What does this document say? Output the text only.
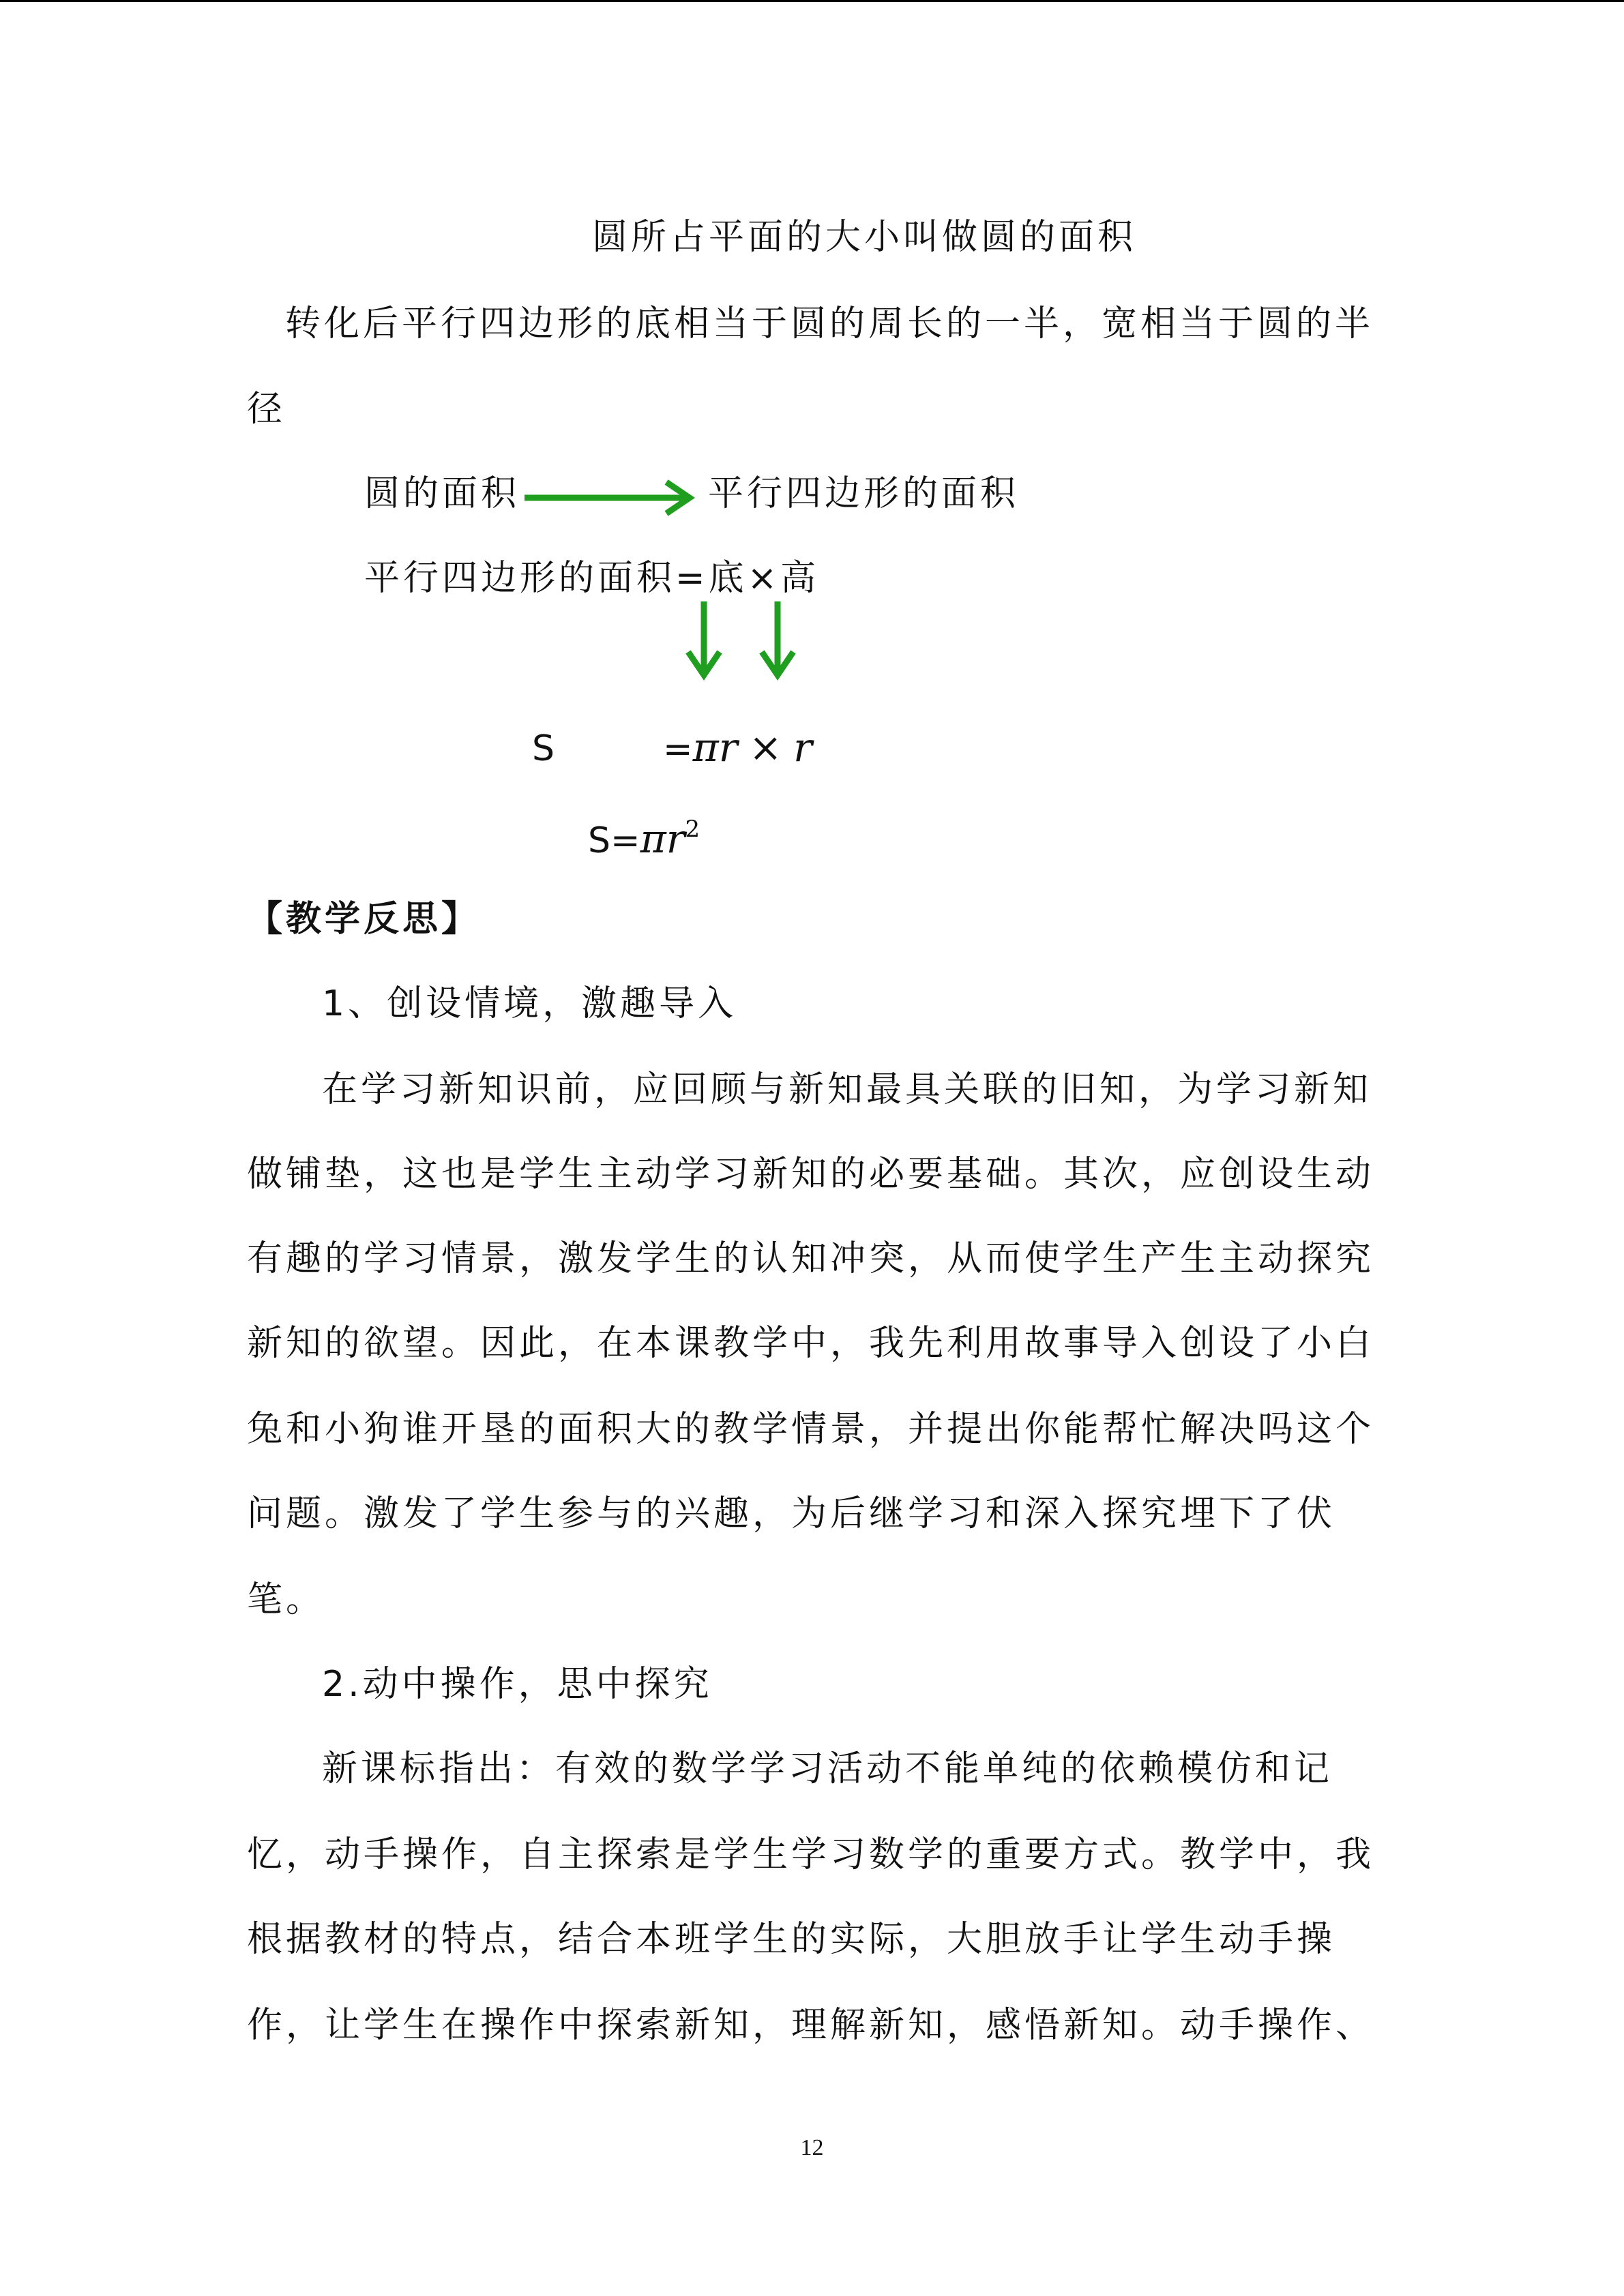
圆所占平面的大小叫做圆的面积
转化后平行四边形的底相当于圆的周长的一半，宽相当于圆的半
径
圆的面积	平行四边形的面积
平行四边形的面积=底×高
S	=πr × r
$S=\pi r^2$
【教学反思】
1、创设情境，激趣导入
在学习新知识前，应回顾与新知最具关联的旧知，为学习新知
做铺垫，这也是学生主动学习新知的必要基础。其次，应创设生动
有趣的学习情景，激发学生的认知冲突，从而使学生产生主动探究
新知的欲望。因此，在本课教学中，我先利用故事导入创设了小白
兔和小狗谁开垦的面积大的教学情景，并提出你能帮忙解决吗这个
问题。激发了学生参与的兴趣，为后继学习和深入探究埋下了伏
笔。
2.动中操作，思中探究
新课标指出：有效的数学学习活动不能单纯的依赖模仿和记
忆，动手操作，自主探索是学生学习数学的重要方式。教学中，我
根据教材的特点，结合本班学生的实际，大胆放手让学生动手操
作，让学生在操作中探索新知，理解新知，感悟新知。动手操作、
12
